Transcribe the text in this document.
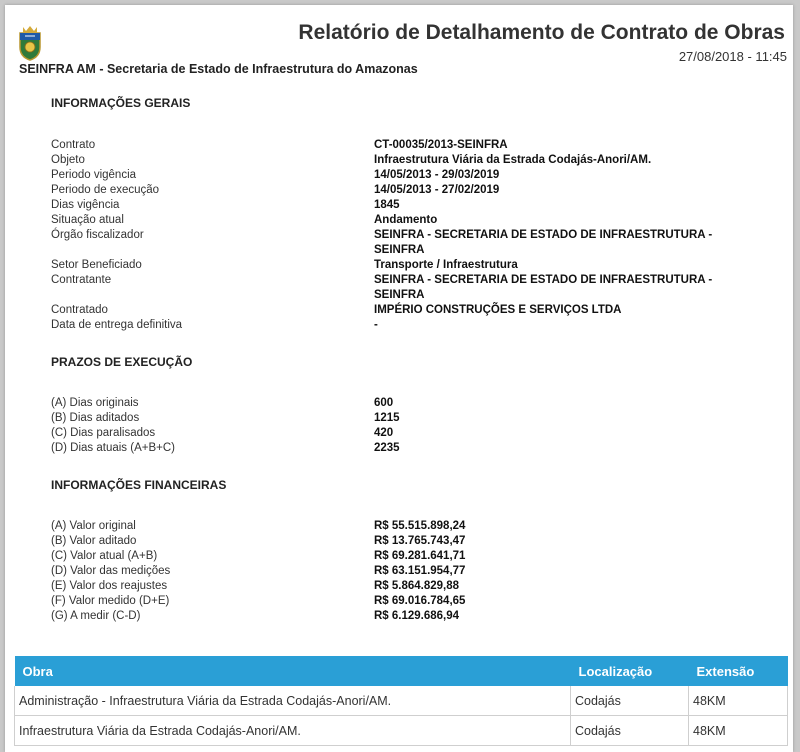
Relatório de Detalhamento de Contrato de Obras
27/08/2018 - 11:45
SEINFRA AM - Secretaria de Estado de Infraestrutura do Amazonas
INFORMAÇÕES GERAIS
Contrato	CT-00035/2013-SEINFRA
Objeto	Infraestrutura Viária da Estrada Codajás-Anori/AM.
Periodo vigência	14/05/2013 - 29/03/2019
Periodo de execução	14/05/2013 - 27/02/2019
Dias vigência	1845
Situação atual	Andamento
Órgão fiscalizador	SEINFRA - SECRETARIA DE ESTADO DE INFRAESTRUTURA - SEINFRA
Setor Beneficiado	Transporte / Infraestrutura
Contratante	SEINFRA - SECRETARIA DE ESTADO DE INFRAESTRUTURA - SEINFRA
Contratado	IMPÉRIO CONSTRUÇÕES E SERVIÇOS LTDA
Data de entrega definitiva	-
PRAZOS DE EXECUÇÃO
(A) Dias originais	600
(B) Dias aditados	1215
(C) Dias paralisados	420
(D) Dias atuais (A+B+C)	2235
INFORMAÇÕES FINANCEIRAS
(A) Valor original	R$ 55.515.898,24
(B) Valor aditado	R$ 13.765.743,47
(C) Valor atual (A+B)	R$ 69.281.641,71
(D) Valor das medições	R$ 63.151.954,77
(E) Valor dos reajustes	R$ 5.864.829,88
(F) Valor medido (D+E)	R$ 69.016.784,65
(G) A medir (C-D)	R$ 6.129.686,94
Obra	Localização	Extensão
Administração - Infraestrutura Viária da Estrada Codajás-Anori/AM.	Codajás	48KM
Infraestrutura Viária da Estrada Codajás-Anori/AM.	Codajás	48KM
